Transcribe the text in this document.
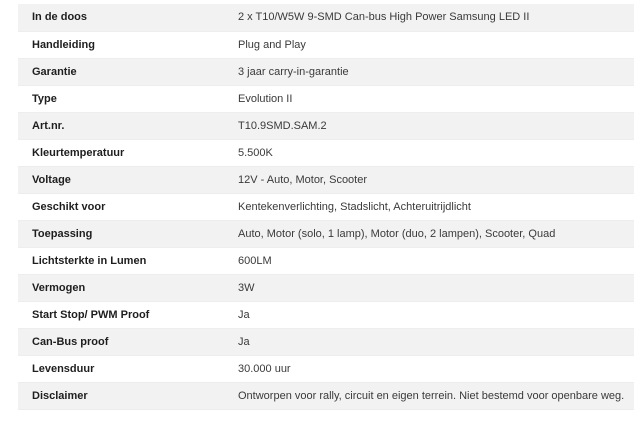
In de doos	2 x T10/W5W 9-SMD Can-bus High Power Samsung LED II
Handleiding	Plug and Play
Garantie	3 jaar carry-in-garantie
Type	Evolution II
Art.nr.	T10.9SMD.SAM.2
Kleurtemperatuur	5.500K
Voltage	12V - Auto, Motor, Scooter
Geschikt voor	Kentekenverlichting, Stadslicht, Achteruitrijdlicht
Toepassing	Auto, Motor (solo, 1 lamp), Motor (duo, 2 lampen), Scooter, Quad
Lichtsterkte in Lumen	600LM
Vermogen	3W
Start Stop/ PWM Proof	Ja
Can-Bus proof	Ja
Levensduur	30.000 uur
Disclaimer	Ontworpen voor rally, circuit en eigen terrein. Niet bestemd voor openbare weg.
